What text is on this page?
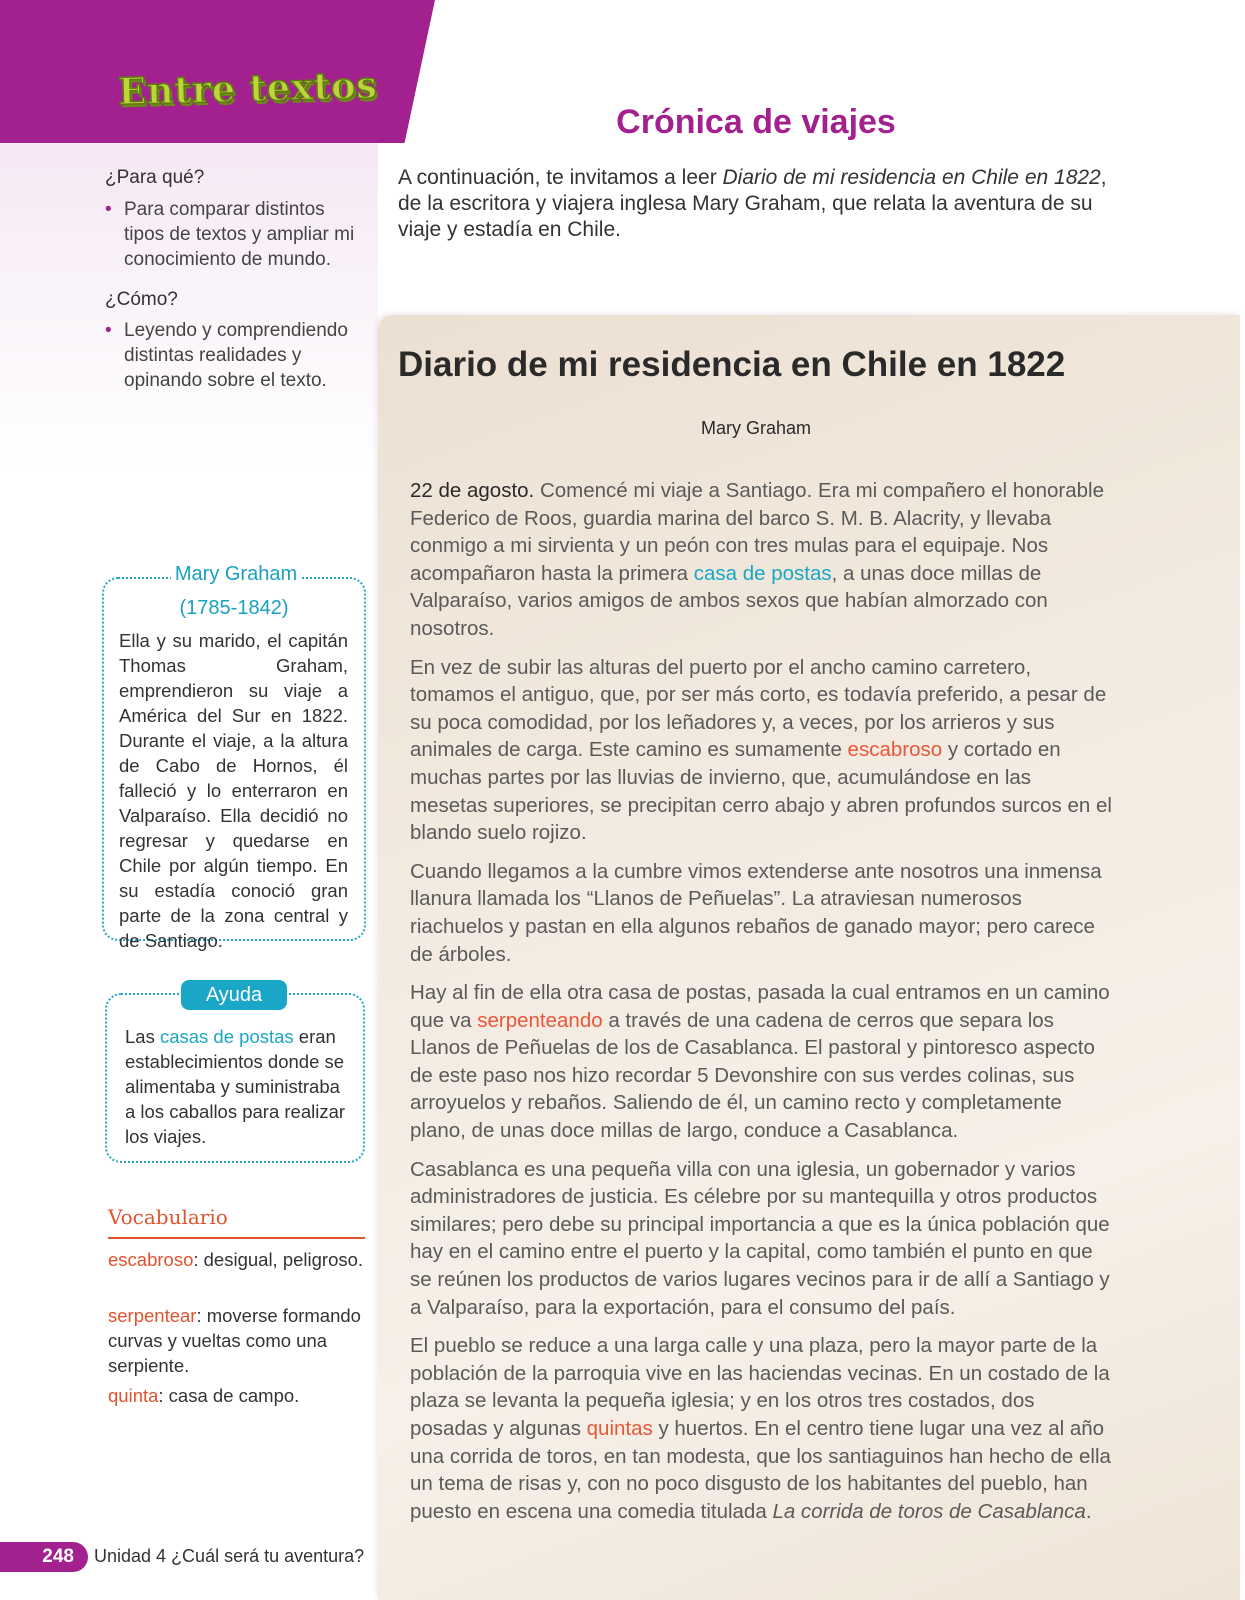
Entre textos
Crónica de viajes

A continuación, te invitamos a leer Diario de mi residencia en Chile en 1822, de la escritora y viajera inglesa Mary Graham, que relata la aventura de su viaje y estadía en Chile.

¿Para qué?
• Para comparar distintos tipos de textos y ampliar mi conocimiento de mundo.
¿Cómo?
• Leyendo y comprendiendo distintas realidades y opinando sobre el texto.
Mary Graham
(1785-1842)

Ella y su marido, el capitán Thomas Graham, emprendieron su viaje a América del Sur en 1822. Durante el viaje, a la altura de Cabo de Hornos, él falleció y lo enterraron en Valparaíso. Ella decidió no regresar y quedarse en Chile por algún tiempo. En su estadía conoció gran parte de la zona central y de Santiago.

Ayuda

Las casas de postas eran establecimientos donde se alimentaba y suministraba a los caballos para realizar los viajes.

Vocabulario

escabroso: desigual, peligroso.

serpentear: moverse formando curvas y vueltas como una serpiente.

quinta: casa de campo.

Diario de mi residencia en Chile en 1822
Mary Graham

22 de agosto. Comencé mi viaje a Santiago. Era mi compañero el honorable Federico de Roos, guardia marina del barco S. M. B. Alacrity, y llevaba conmigo a mi sirvienta y un peón con tres mulas para el equipaje. Nos acompañaron hasta la primera casa de postas, a unas doce millas de Valparaíso, varios amigos de ambos sexos que habían almorzado con nosotros.

En vez de subir las alturas del puerto por el ancho camino carretero, tomamos el antiguo, que, por ser más corto, es todavía preferido, a pesar de su poca comodidad, por los leñadores y, a veces, por los arrieros y sus animales de carga. Este camino es sumamente escabroso y cortado en muchas partes por las lluvias de invierno, que, acumulándose en las mesetas superiores, se precipitan cerro abajo y abren profundos surcos en el blando suelo rojizo.

Cuando llegamos a la cumbre vimos extenderse ante nosotros una inmensa llanura llamada los “Llanos de Peñuelas”. La atraviesan numerosos riachuelos y pastan en ella algunos rebaños de ganado mayor; pero carece de árboles.

Hay al fin de ella otra casa de postas, pasada la cual entramos en un camino que va serpenteando a través de una cadena de cerros que separa los Llanos de Peñuelas de los de Casablanca. El pastoral y pintoresco aspecto de este paso nos hizo recordar 5 Devonshire con sus verdes colinas, sus arroyuelos y rebaños. Saliendo de él, un camino recto y completamente plano, de unas doce millas de largo, conduce a Casablanca.

Casablanca es una pequeña villa con una iglesia, un gobernador y varios administradores de justicia. Es célebre por su mantequilla y otros productos similares; pero debe su principal importancia a que es la única población que hay en el camino entre el puerto y la capital, como también el punto en que se reúnen los productos de varios lugares vecinos para ir de allí a Santiago y a Valparaíso, para la exportación, para el consumo del país.

El pueblo se reduce a una larga calle y una plaza, pero la mayor parte de la población de la parroquia vive en las haciendas vecinas. En un costado de la plaza se levanta la pequeña iglesia; y en los otros tres costados, dos posadas y algunas quintas y huertos. En el centro tiene lugar una vez al año una corrida de toros, en tan modesta, que los santiaguinos han hecho de ella un tema de risas y, con no poco disgusto de los habitantes del pueblo, han puesto en escena una comedia titulada La corrida de toros de Casablanca.

248	Unidad 4 ¿Cuál será tu aventura?
